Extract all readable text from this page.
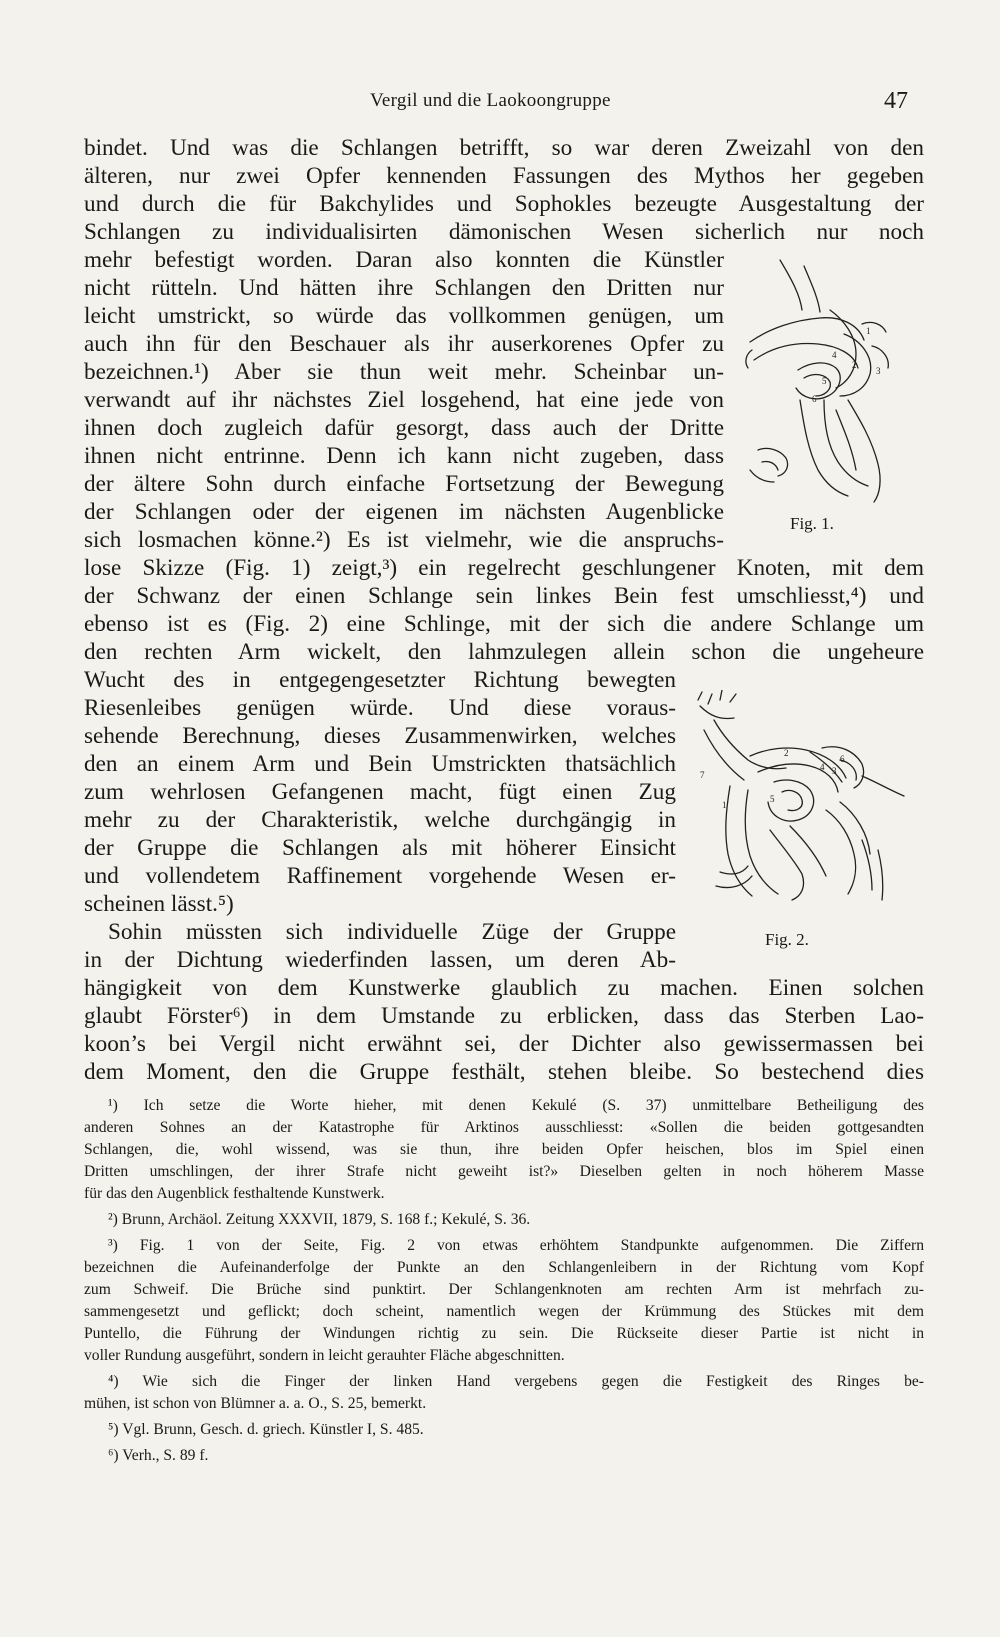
Vergil und die Laokoongruppe	47
bindet. Und was die Schlangen betrifft, so war deren Zweizahl von den
älteren, nur zwei Opfer kennenden Fassungen des Mythos her gegeben
und durch die für Bakchylides und Sophokles bezeugte Ausgestaltung der
Schlangen zu individualisirten dämonischen Wesen sicherlich nur noch
mehr befestigt worden. Daran also konnten die Künstler
nicht rütteln. Und hätten ihre Schlangen den Dritten nur
leicht umstrickt, so würde das vollkommen genügen, um
auch ihn für den Beschauer als ihr auserkorenes Opfer zu
bezeichnen.¹) Aber sie thun weit mehr. Scheinbar un-
verwandt auf ihr nächstes Ziel losgehend, hat eine jede von
ihnen doch zugleich dafür gesorgt, dass auch der Dritte
ihnen nicht entrinne. Denn ich kann nicht zugeben, dass
der ältere Sohn durch einfache Fortsetzung der Bewegung
der Schlangen oder der eigenen im nächsten Augenblicke
sich losmachen könne.²) Es ist vielmehr, wie die anspruchs-
lose Skizze (Fig. 1) zeigt,³) ein regelrecht geschlungener Knoten, mit dem
der Schwanz der einen Schlange sein linkes Bein fest umschliesst,⁴) und
ebenso ist es (Fig. 2) eine Schlinge, mit der sich die andere Schlange um
den rechten Arm wickelt, den lahmzulegen allein schon die ungeheure
Wucht des in entgegengesetzter Richtung bewegten
Riesenleibes genügen würde. Und diese voraus-
sehende Berechnung, dieses Zusammenwirken, welches
den an einem Arm und Bein Umstrickten thatsächlich
zum wehrlosen Gefangenen macht, fügt einen Zug
mehr zu der Charakteristik, welche durchgängig in
der Gruppe die Schlangen als mit höherer Einsicht
und vollendetem Raffinement vorgehende Wesen er-
scheinen lässt.⁵)
Sohin müssten sich individuelle Züge der Gruppe
in der Dichtung wiederfinden lassen, um deren Ab-
hängigkeit von dem Kunstwerke glaublich zu machen. Einen solchen
glaubt Förster⁶) in dem Umstande zu erblicken, dass das Sterben Lao-
koon’s bei Vergil nicht erwähnt sei, der Dichter also gewissermassen bei
dem Moment, den die Gruppe festhält, stehen bleibe. So bestechend dies
¹) Ich setze die Worte hieher, mit denen Kekulé (S. 37) unmittelbare Betheiligung des
anderen Sohnes an der Katastrophe für Arktinos ausschliesst: «Sollen die beiden gottgesandten
Schlangen, die, wohl wissend, was sie thun, ihre beiden Opfer heischen, blos im Spiel einen
Dritten umschlingen, der ihrer Strafe nicht geweiht ist?» Dieselben gelten in noch höherem Masse
für das den Augenblick festhaltende Kunstwerk.
²) Brunn, Archäol. Zeitung XXXVII, 1879, S. 168 f.; Kekulé, S. 36.
³) Fig. 1 von der Seite, Fig. 2 von etwas erhöhtem Standpunkte aufgenommen. Die Ziffern
bezeichnen die Aufeinanderfolge der Punkte an den Schlangenleibern in der Richtung vom Kopf
zum Schweif. Die Brüche sind punktirt. Der Schlangenknoten am rechten Arm ist mehrfach zu-
sammengesetzt und geflickt; doch scheint, namentlich wegen der Krümmung des Stückes mit dem
Puntello, die Führung der Windungen richtig zu sein. Die Rückseite dieser Partie ist nicht in
voller Rundung ausgeführt, sondern in leicht gerauhter Fläche abgeschnitten.
⁴) Wie sich die Finger der linken Hand vergebens gegen die Festigkeit des Ringes be-
mühen, ist schon von Blümner a. a. O., S. 25, bemerkt.
⁵) Vgl. Brunn, Gesch. d. griech. Künstler I, S. 485.
⁶) Verh., S. 89 f.
1
2
3
4
5
6
Fig. 1.
1
2
3
4
5
6
7
Fig. 2.
